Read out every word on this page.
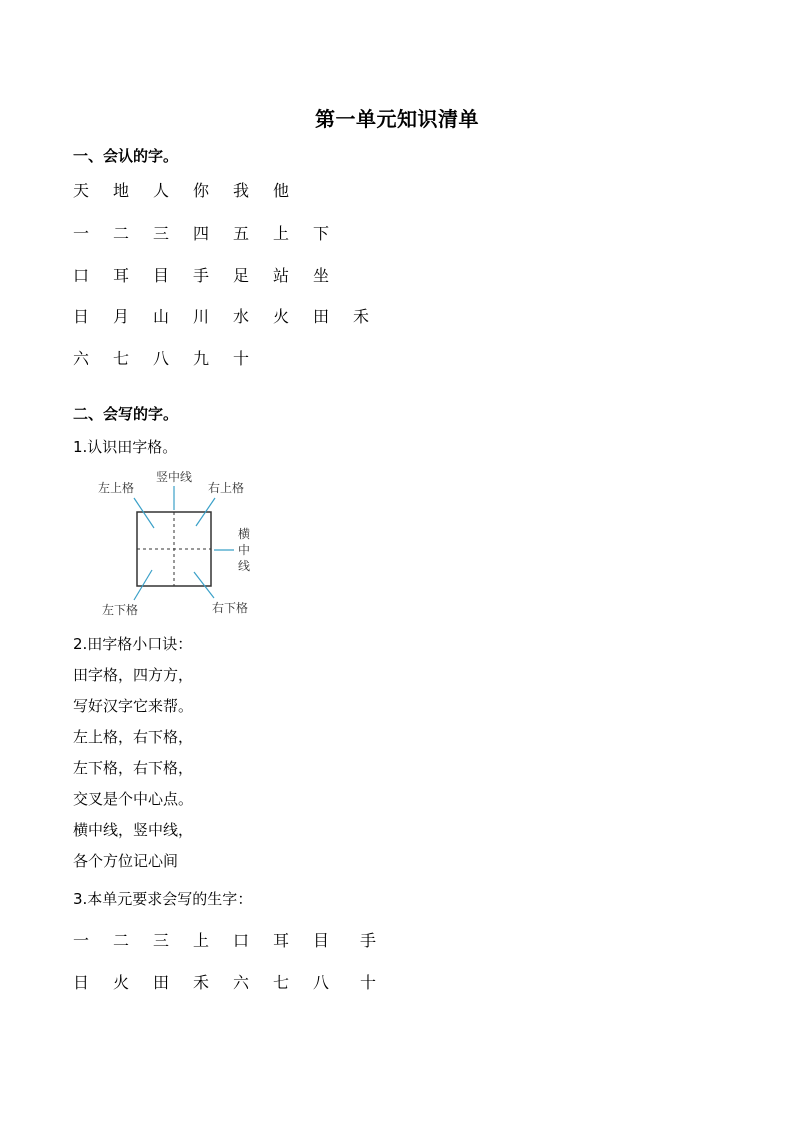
第一单元知识清单
一、会认的字。
天	地	人	你	我	他
一	二	三	四	五	上	下
口	耳	目	手	足	站	坐
日	月	山	川	水	火	田	禾
六	七	八	九	十
二、会写的字。
1.认识田字格。
左上格
竖中线
右上格
横
中
线
左下格	右下格
2.田字格小口诀：
田字格，四方方，
写好汉字它来帮。
左上格，右下格，
左下格，右下格，
交叉是个中心点。
横中线，竖中线，
各个方位记心间
3.本单元要求会写的生字：
一	二	三	上	口	耳	目	手
日	火	田	禾	六	七	八	十
